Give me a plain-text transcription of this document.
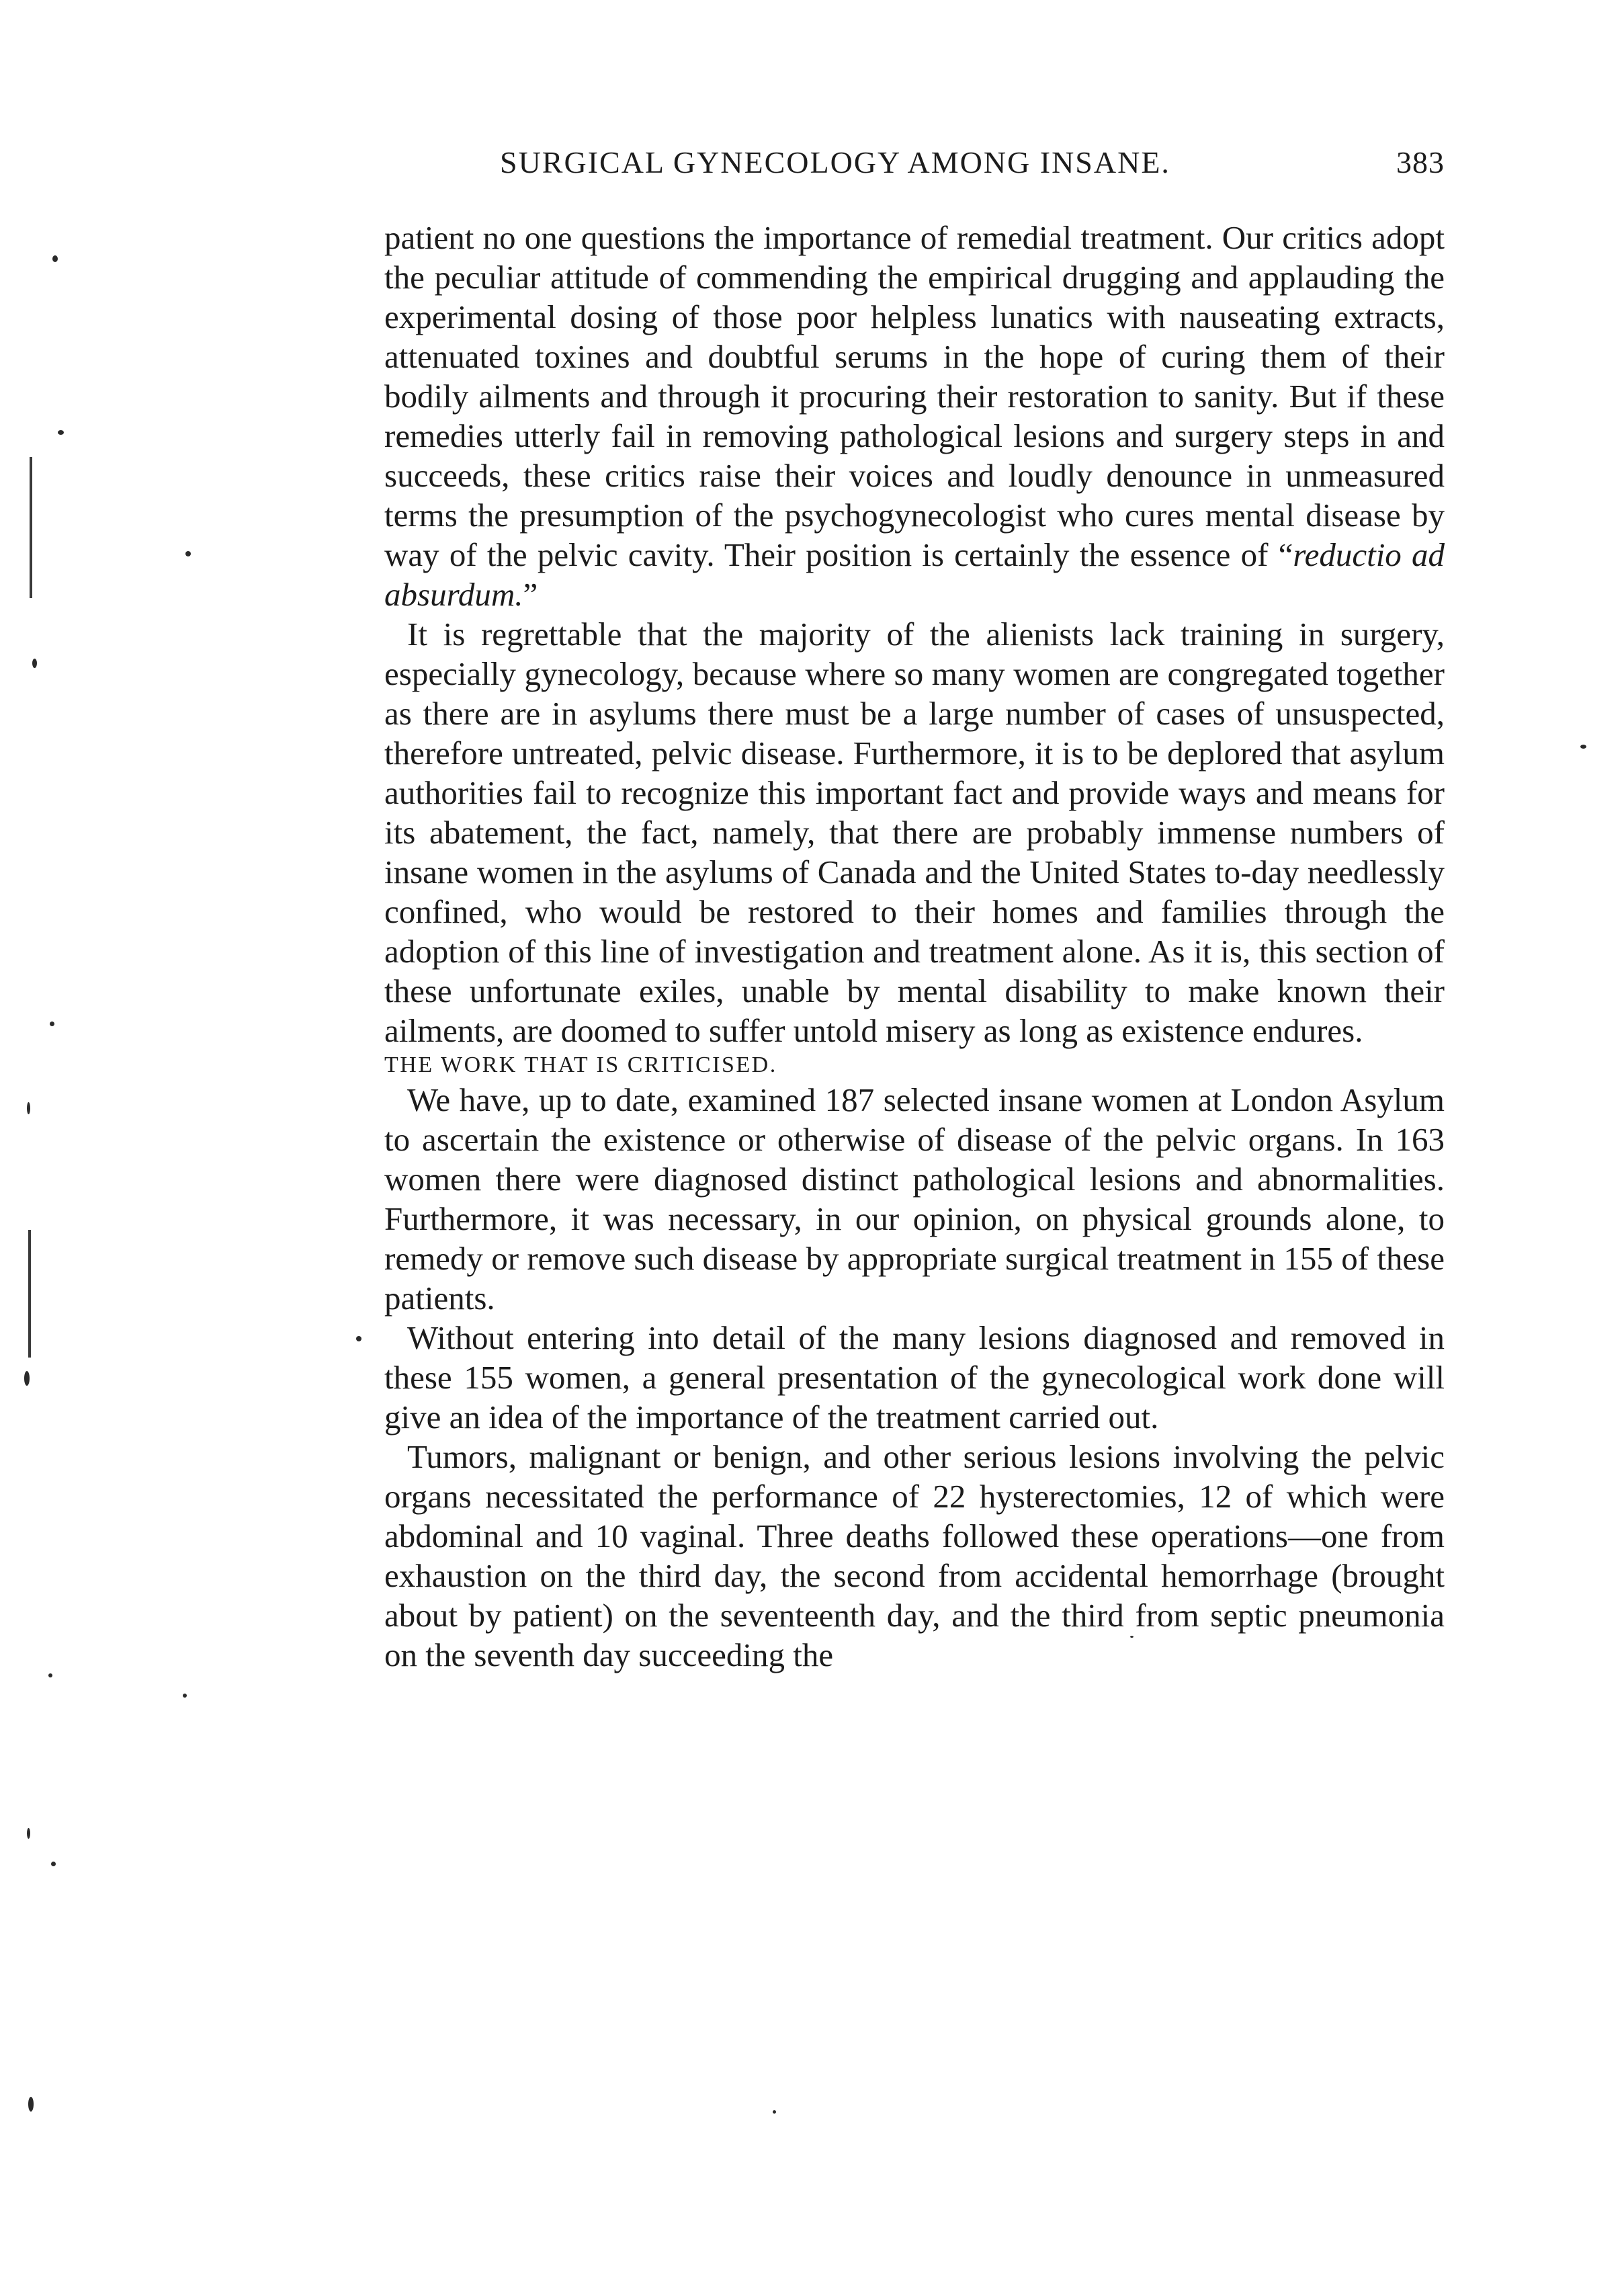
SURGICAL GYNECOLOGY AMONG INSANE.	383

patient no one questions the importance of remedial treatment. Our critics adopt the peculiar attitude of commending the empirical drugging and applauding the experimental dosing of those poor helpless lunatics with nauseating extracts, attenuated toxines and doubtful serums in the hope of curing them of their bodily ailments and through it procuring their restoration to sanity. But if these remedies utterly fail in removing pathological lesions and surgery steps in and succeeds, these critics raise their voices and loudly denounce in unmeasured terms the presumption of the psychogynecologist who cures mental disease by way of the pelvic cavity. Their position is certainly the essence of “reductio ad absurdum.”

It is regrettable that the majority of the alienists lack training in surgery, especially gynecology, because where so many women are congregated together as there are in asylums there must be a large number of cases of unsuspected, therefore untreated, pelvic disease. Furthermore, it is to be deplored that asylum authorities fail to recognize this important fact and provide ways and means for its abatement, the fact, namely, that there are probably immense numbers of insane women in the asylums of Canada and the United States to-day needlessly confined, who would be restored to their homes and families through the adoption of this line of investigation and treatment alone. As it is, this section of these unfortunate exiles, unable by mental disability to make known their ailments, are doomed to suffer untold misery as long as existence endures.

THE WORK THAT IS CRITICISED.

We have, up to date, examined 187 selected insane women at London Asylum to ascertain the existence or otherwise of disease of the pelvic organs. In 163 women there were diagnosed distinct pathological lesions and abnormalities. Furthermore, it was necessary, in our opinion, on physical grounds alone, to remedy or remove such disease by appropriate surgical treatment in 155 of these patients.

Without entering into detail of the many lesions diagnosed and removed in these 155 women, a general presentation of the gynecological work done will give an idea of the importance of the treatment carried out.

Tumors, malignant or benign, and other serious lesions involving the pelvic organs necessitated the performance of 22 hysterectomies, 12 of which were abdominal and 10 vaginal. Three deaths followed these operations—one from exhaustion on the third day, the second from accidental hemorrhage (brought about by patient) on the seventeenth day, and the third from septic pneumonia on the seventh day succeeding the
